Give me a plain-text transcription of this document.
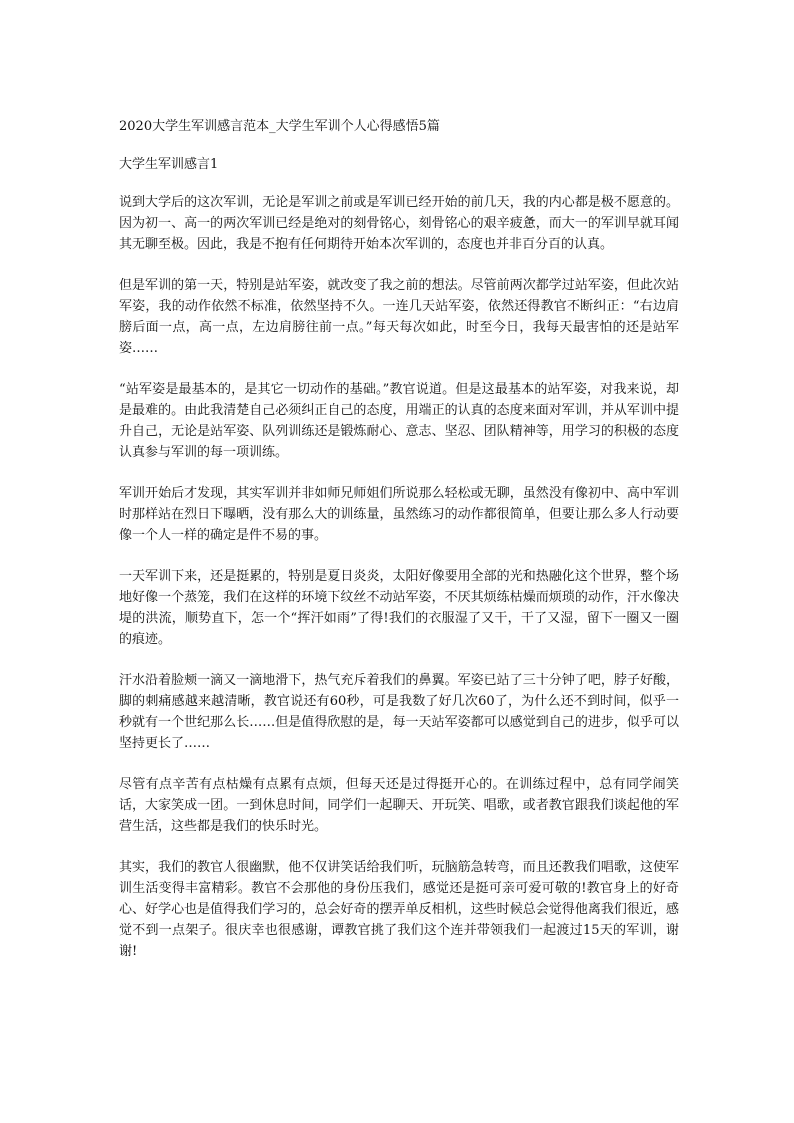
2020大学生军训感言范本_大学生军训个人心得感悟5篇
大学生军训感言1

说到大学后的这次军训，无论是军训之前或是军训已经开始的前几天，我的内心都是极不愿意的。因为初一、高一的两次军训已经是绝对的刻骨铭心，刻骨铭心的艰辛疲惫，而大一的军训早就耳闻其无聊至极。因此，我是不抱有任何期待开始本次军训的，态度也并非百分百的认真。

但是军训的第一天，特别是站军姿，就改变了我之前的想法。尽管前两次都学过站军姿，但此次站军姿，我的动作依然不标准，依然坚持不久。一连几天站军姿，依然还得教官不断纠正：“右边肩膀后面一点，高一点，左边肩膀往前一点。”每天每次如此，时至今日，我每天最害怕的还是站军姿……

“站军姿是最基本的，是其它一切动作的基础。”教官说道。但是这最基本的站军姿，对我来说，却是最难的。由此我清楚自己必须纠正自己的态度，用端正的认真的态度来面对军训，并从军训中提升自己，无论是站军姿、队列训练还是锻炼耐心、意志、坚忍、团队精神等，用学习的积极的态度认真参与军训的每一项训练。

军训开始后才发现，其实军训并非如师兄师姐们所说那么轻松或无聊，虽然没有像初中、高中军训时那样站在烈日下曝晒，没有那么大的训练量，虽然练习的动作都很简单，但要让那么多人行动要像一个人一样的确定是件不易的事。

一天军训下来，还是挺累的，特别是夏日炎炎，太阳好像要用全部的光和热融化这个世界，整个场地好像一个蒸笼，我们在这样的环境下纹丝不动站军姿，不厌其烦练枯燥而烦琐的动作，汗水像决堤的洪流，顺势直下，怎一个“挥汗如雨”了得!我们的衣服湿了又干，干了又湿，留下一圈又一圈的痕迹。

汗水沿着脸颊一滴又一滴地滑下，热气充斥着我们的鼻翼。军姿已站了三十分钟了吧，脖子好酸，脚的刺痛感越来越清晰，教官说还有60秒，可是我数了好几次60了，为什么还不到时间，似乎一秒就有一个世纪那么长……但是值得欣慰的是，每一天站军姿都可以感觉到自己的进步，似乎可以坚持更长了……

尽管有点辛苦有点枯燥有点累有点烦，但每天还是过得挺开心的。在训练过程中，总有同学闹笑话，大家笑成一团。一到休息时间，同学们一起聊天、开玩笑、唱歌，或者教官跟我们谈起他的军营生活，这些都是我们的快乐时光。

其实，我们的教官人很幽默，他不仅讲笑话给我们听，玩脑筋急转弯，而且还教我们唱歌，这使军训生活变得丰富精彩。教官不会那他的身份压我们，感觉还是挺可亲可爱可敬的!教官身上的好奇心、好学心也是值得我们学习的，总会好奇的摆弄单反相机，这些时候总会觉得他离我们很近，感觉不到一点架子。很庆幸也很感谢，谭教官挑了我们这个连并带领我们一起渡过15天的军训，谢谢!
